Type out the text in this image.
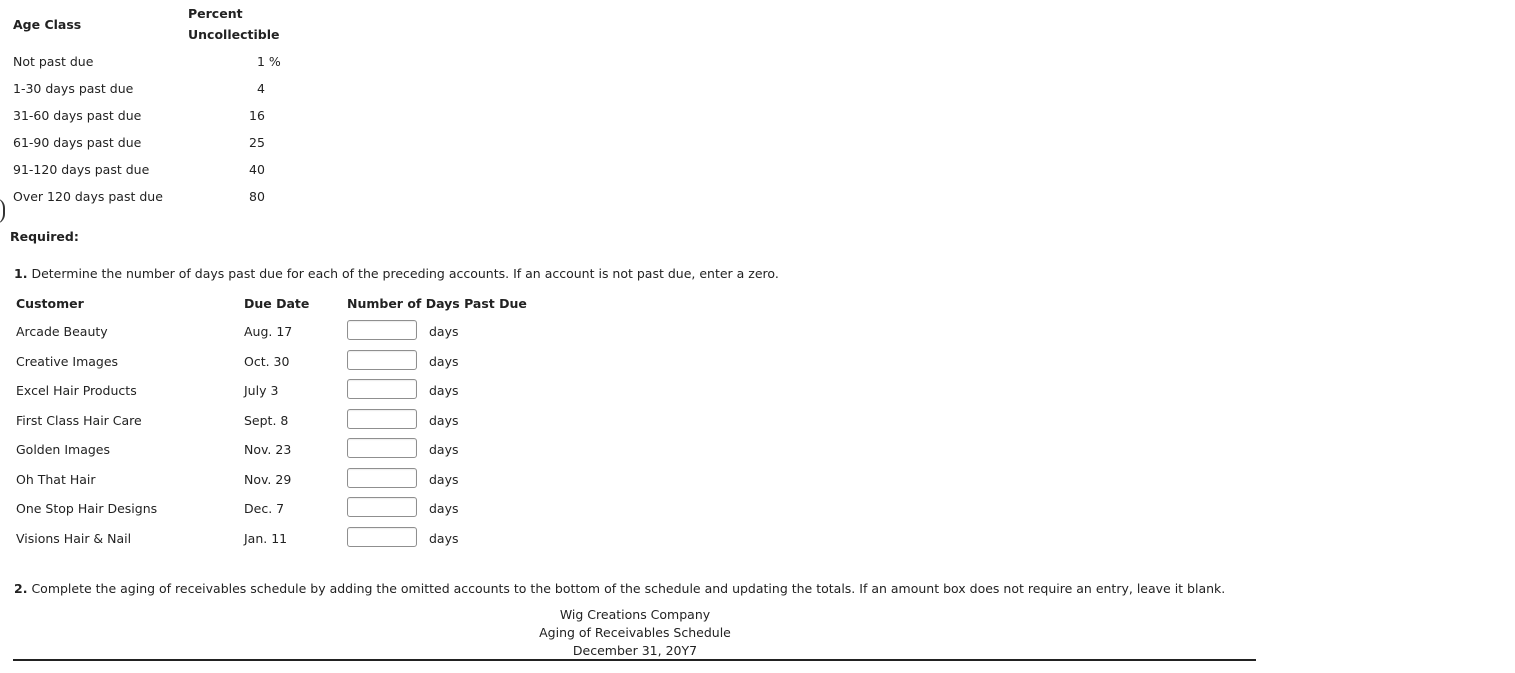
Age Class
Percent
Uncollectible
Not past due	1 %
1-30 days past due	4
31-60 days past due	16
61-90 days past due	25
91-120 days past due	40
Over 120 days past due	80
Required:
1. Determine the number of days past due for each of the preceding accounts. If an account is not past due, enter a zero.
Customer	Due Date	Number of Days Past Due
Arcade Beauty	Aug. 17	days
Creative Images	Oct. 30	days
Excel Hair Products	July 3	days
First Class Hair Care	Sept. 8	days
Golden Images	Nov. 23	days
Oh That Hair	Nov. 29	days
One Stop Hair Designs	Dec. 7	days
Visions Hair & Nail	Jan. 11	days
2. Complete the aging of receivables schedule by adding the omitted accounts to the bottom of the schedule and updating the totals. If an amount box does not require an entry, leave it blank.
Wig Creations Company
Aging of Receivables Schedule
December 31, 20Y7
